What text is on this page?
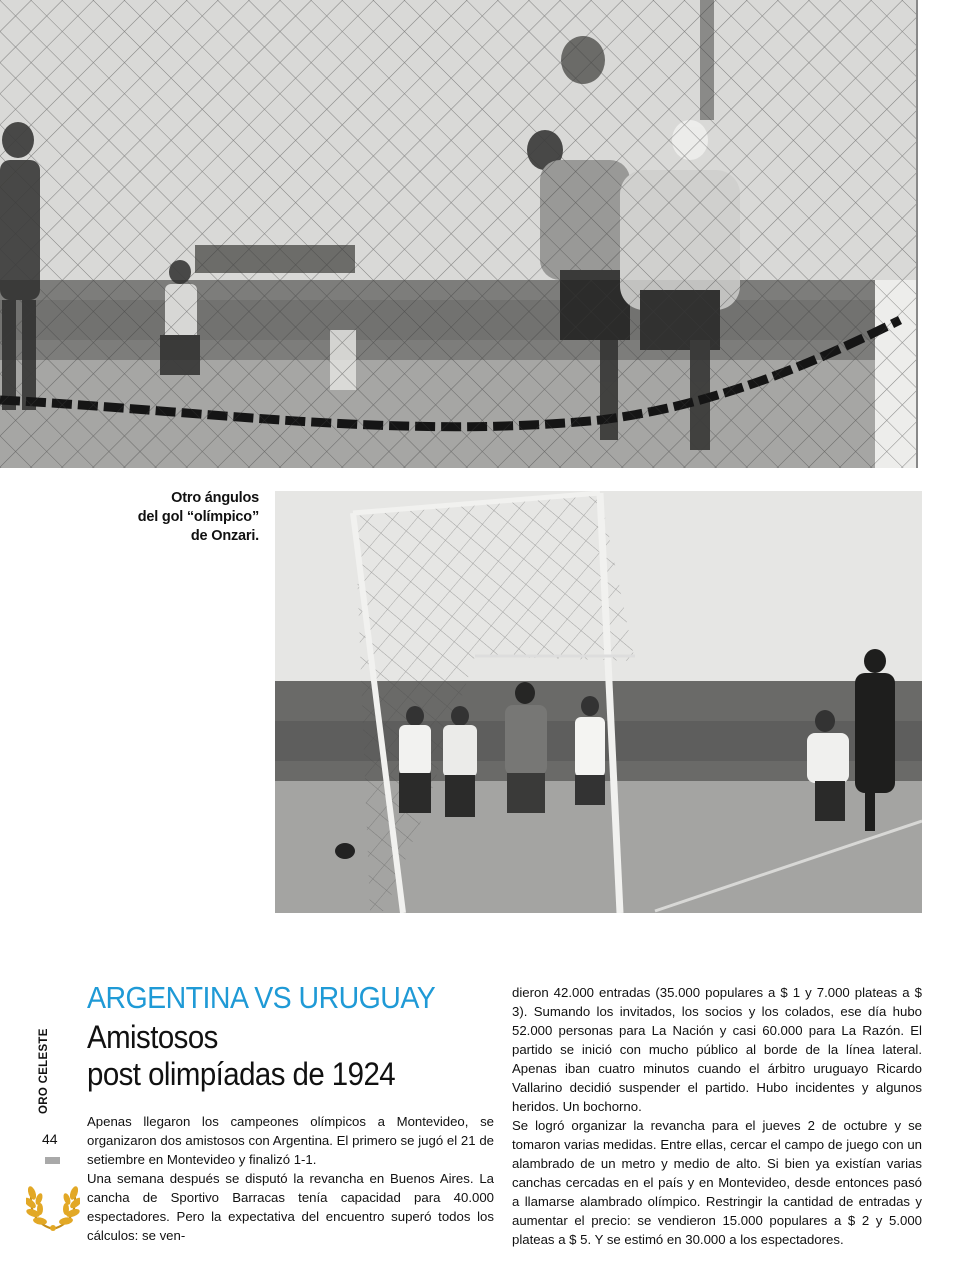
Otro ángulos
del gol “olímpico”
de Onzari.
ORO CELESTE
44
ARGENTINA VS URUGUAY
Amistosos
post olimpíadas de 1924

Apenas llegaron los campeones olímpicos a Montevideo, se organizaron dos amistosos con Argentina. El primero se jugó el 21 de setiembre en Montevideo y finalizó 1-1.

Una semana después se disputó la revancha en Buenos Aires. La cancha de Sportivo Barracas tenía capacidad para 40.000 espectadores. Pero la expectativa del encuentro superó todos los cálculos: se ven-

dieron 42.000 entradas (35.000 populares a $ 1 y 7.000 plateas a $ 3). Sumando los invitados, los socios y los colados, ese día hubo 52.000 personas para La Nación y casi 60.000 para La Razón. El partido se inició con mucho público al borde de la línea lateral. Apenas iban cuatro minutos cuando el árbitro uruguayo Ricardo Vallarino decidió suspender el partido. Hubo incidentes y algunos heridos. Un bochorno.

Se logró organizar la revancha para el jueves 2 de octubre y se tomaron varias medidas. Entre ellas, cercar el campo de juego con un alambrado de un metro y medio de alto. Si bien ya existían varias canchas cercadas en el país y en Montevideo, desde entonces pasó a llamarse alambrado olímpico. Restringir la cantidad de entradas y aumentar el precio: se vendieron 15.000 populares a $ 2 y 5.000 plateas a $ 5. Y se estimó en 30.000 a los espectadores.
